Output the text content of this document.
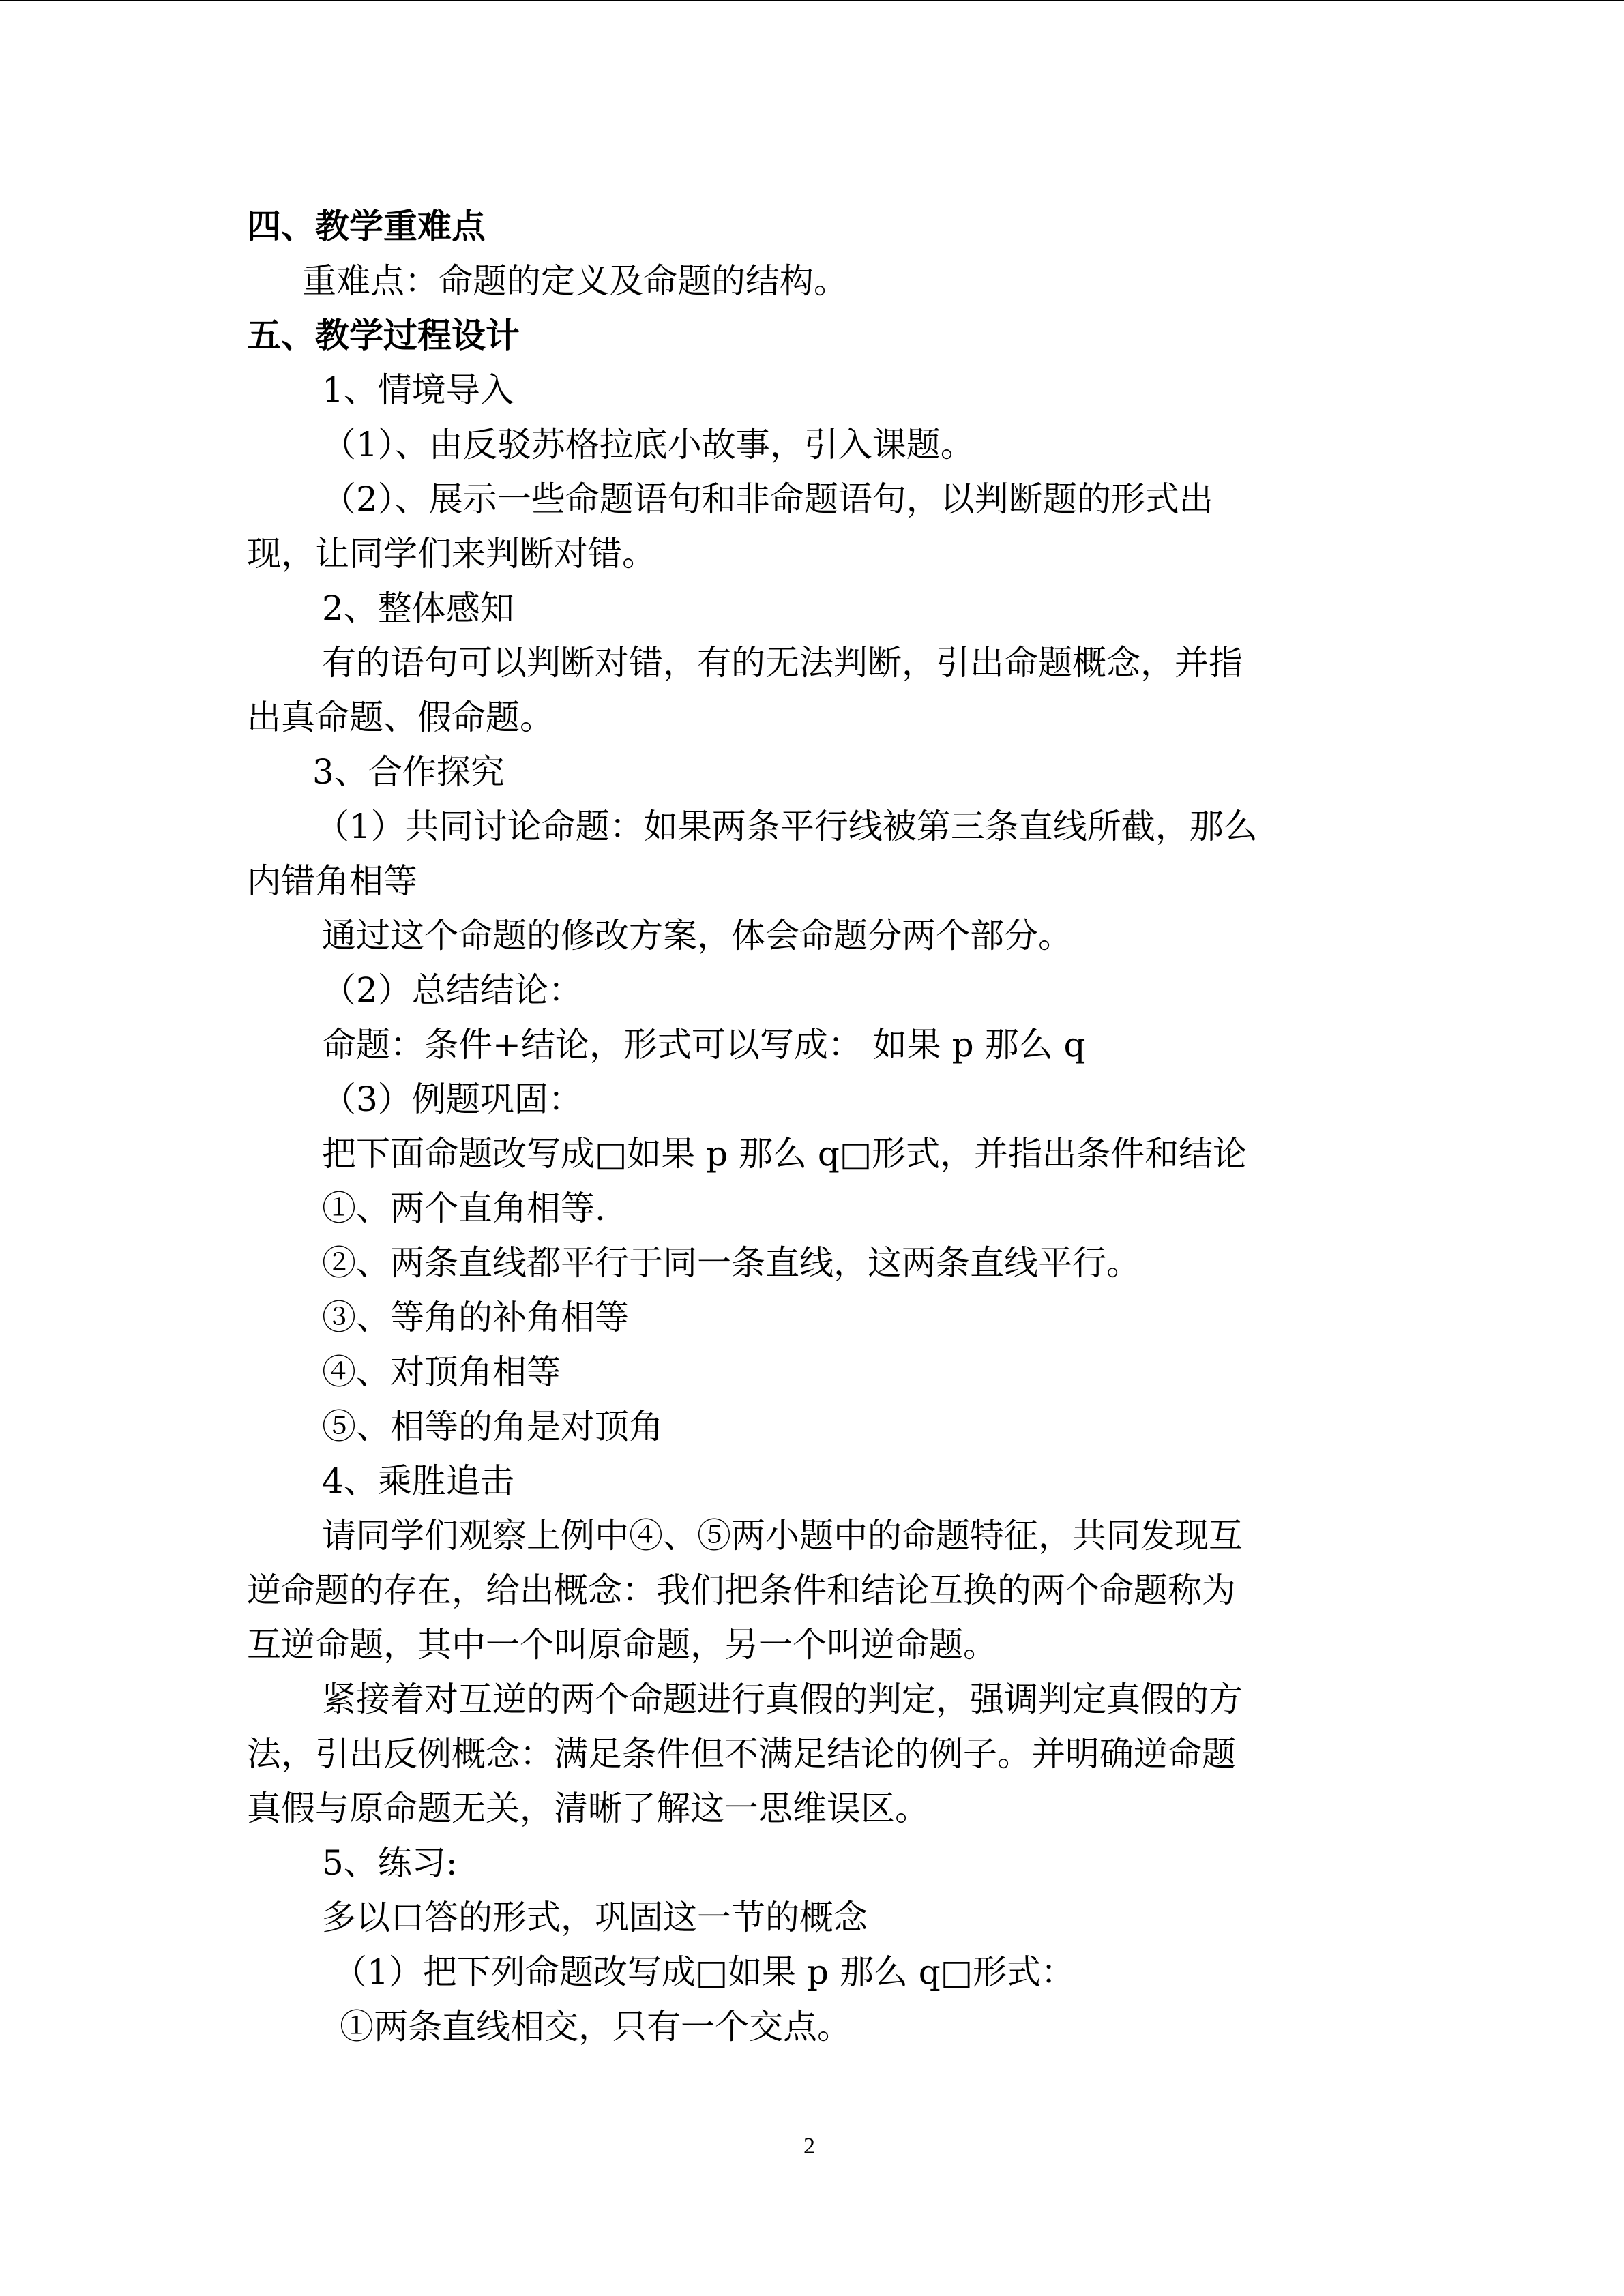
四、教学重难点
重难点：命题的定义及命题的结构。
五、教学过程设计
1、情境导入
（1）、由反驳苏格拉底小故事，引入课题。
（2）、展示一些命题语句和非命题语句，以判断题的形式出
现，让同学们来判断对错。
2、整体感知
有的语句可以判断对错，有的无法判断，引出命题概念，并指
出真命题、假命题。
3、合作探究
（1）共同讨论命题：如果两条平行线被第三条直线所截，那么
内错角相等
通过这个命题的修改方案，体会命题分两个部分。
（2）总结结论：
命题：条件+结论，形式可以写成： 如果 p 那么 q
（3）例题巩固：
把下面命题改写成□如果 p 那么 q□形式，并指出条件和结论
①、两个直角相等.
②、两条直线都平行于同一条直线，这两条直线平行。
③、等角的补角相等
④、对顶角相等
⑤、相等的角是对顶角
4、乘胜追击
请同学们观察上例中④、⑤两小题中的命题特征，共同发现互
逆命题的存在，给出概念：我们把条件和结论互换的两个命题称为
互逆命题，其中一个叫原命题，另一个叫逆命题。
紧接着对互逆的两个命题进行真假的判定，强调判定真假的方
法，引出反例概念：满足条件但不满足结论的例子。并明确逆命题
真假与原命题无关，清晰了解这一思维误区。
5、练习:
多以口答的形式，巩固这一节的概念
（1）把下列命题改写成□如果 p 那么 q□形式：
①两条直线相交，只有一个交点。
2
